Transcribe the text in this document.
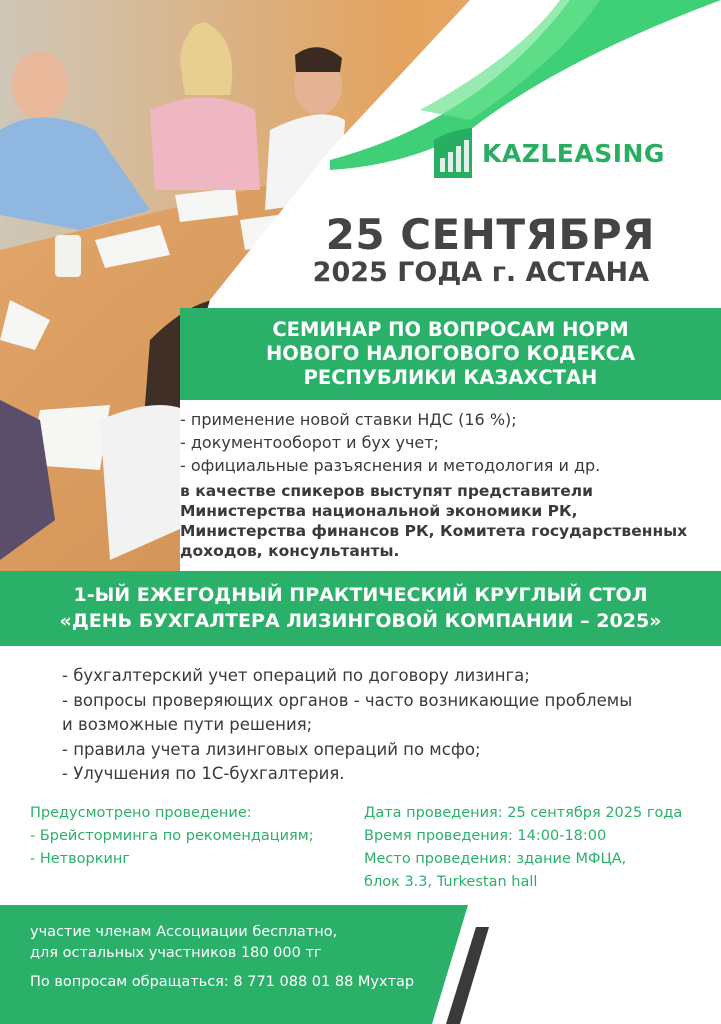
KAZLEASING
25 СЕНТЯБРЯ
2025 ГОДА г. АСТАНА
СЕМИНАР ПО ВОПРОСАМ НОРМ
НОВОГО НАЛОГОВОГО КОДЕКСА
РЕСПУБЛИКИ КАЗАХСТАН
- применение новой ставки НДС (16 %);
- документооборот и бух учет;
- официальные разъяснения и методология и др.
в качестве спикеров выступят представители
Министерства национальной экономики РК,
Министерства финансов РК, Комитета государственных
доходов, консультанты.
1-ЫЙ ЕЖЕГОДНЫЙ ПРАКТИЧЕСКИЙ КРУГЛЫЙ СТОЛ
«ДЕНЬ БУХГАЛТЕРА ЛИЗИНГОВОЙ КОМПАНИИ – 2025»
- бухгалтерский учет операций по договору лизинга;
- вопросы проверяющих органов - часто возникающие проблемы
и возможные пути решения;
- правила учета лизинговых операций по мсфо;
- Улучшения по 1С-бухгалтерия.
Предусмотрено проведение:
- Брейсторминга по рекомендациям;
- Нетворкинг
Дата проведения: 25 сентября 2025 года
Время проведения: 14:00-18:00
Место проведения: здание МФЦА,
блок 3.3, Turkestan hall
участие членам Ассоциации бесплатно,
для остальных участников 180 000 тг
По вопросам обращаться: 8 771 088 01 88 Мухтар
